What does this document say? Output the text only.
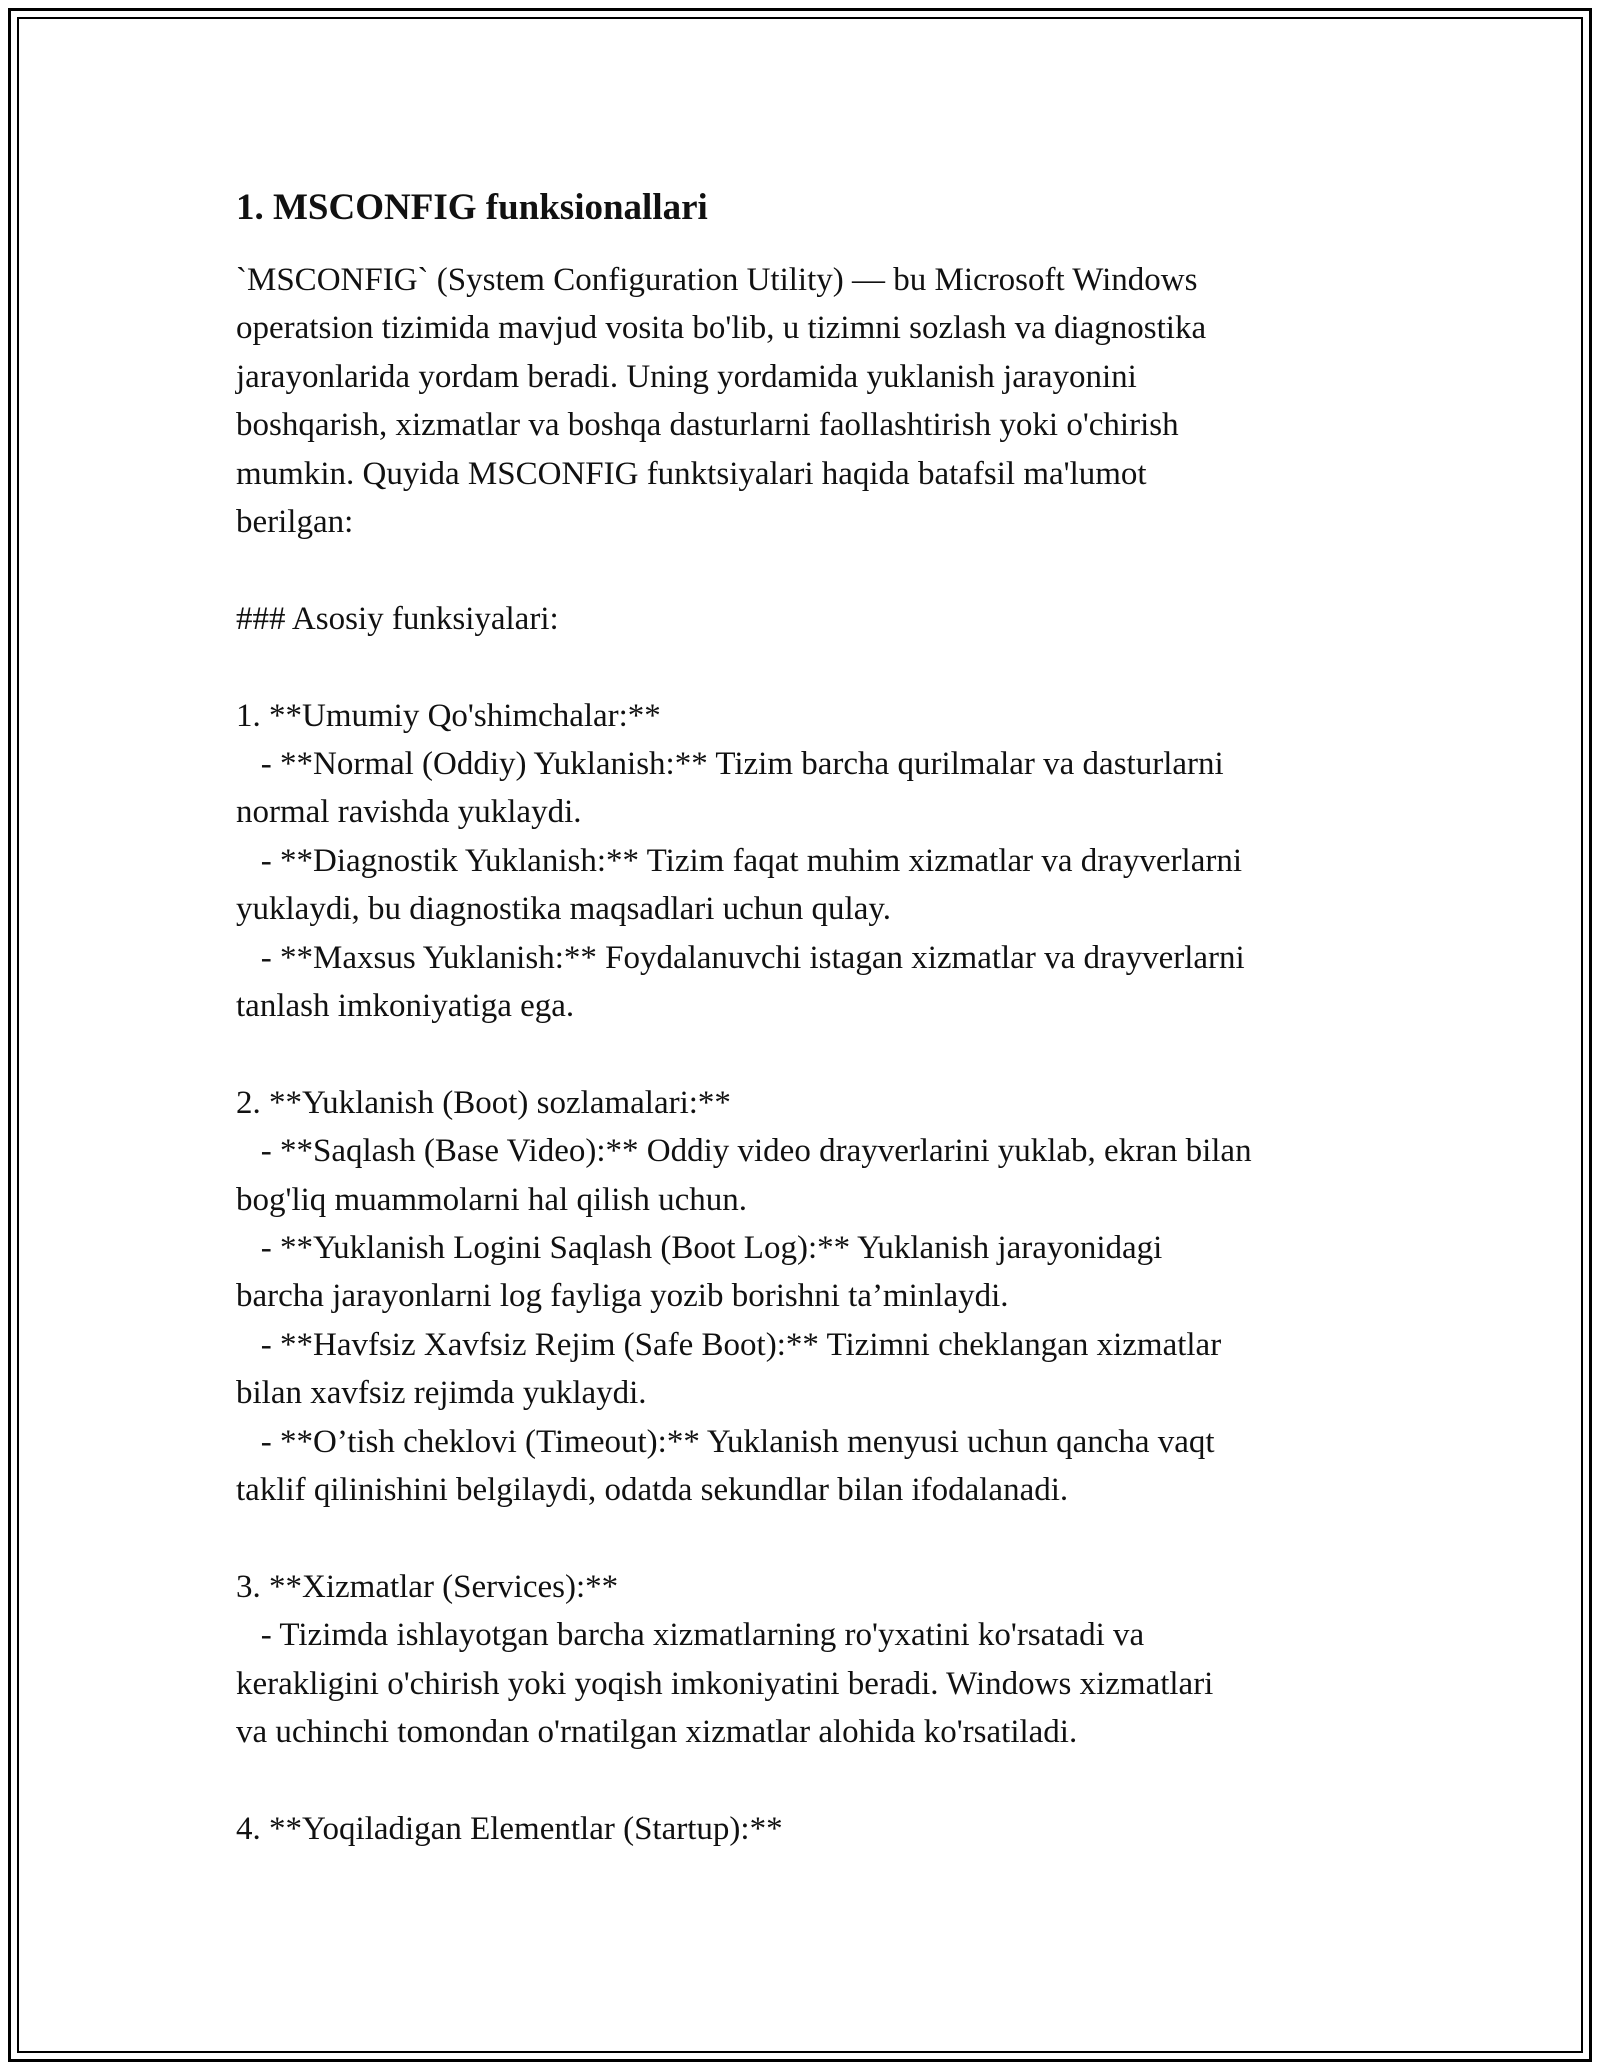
1. MSCONFIG funksionallari
`MSCONFIG` (System Configuration Utility) — bu Microsoft Windows
operatsion tizimida mavjud vosita bo'lib, u tizimni sozlash va diagnostika
jarayonlarida yordam beradi. Uning yordamida yuklanish jarayonini
boshqarish, xizmatlar va boshqa dasturlarni faollashtirish yoki o'chirish
mumkin. Quyida MSCONFIG funktsiyalari haqida batafsil ma'lumot
berilgan:
### Asosiy funksiyalari:
1. **Umumiy Qo'shimchalar:**
- **Normal (Oddiy) Yuklanish:** Tizim barcha qurilmalar va dasturlarni
normal ravishda yuklaydi.
- **Diagnostik Yuklanish:** Tizim faqat muhim xizmatlar va drayverlarni
yuklaydi, bu diagnostika maqsadlari uchun qulay.
- **Maxsus Yuklanish:** Foydalanuvchi istagan xizmatlar va drayverlarni
tanlash imkoniyatiga ega.
2. **Yuklanish (Boot) sozlamalari:**
- **Saqlash (Base Video):** Oddiy video drayverlarini yuklab, ekran bilan
bog'liq muammolarni hal qilish uchun.
- **Yuklanish Logini Saqlash (Boot Log):** Yuklanish jarayonidagi
barcha jarayonlarni log fayliga yozib borishni ta’minlaydi.
- **Havfsiz Xavfsiz Rejim (Safe Boot):** Tizimni cheklangan xizmatlar
bilan xavfsiz rejimda yuklaydi.
- **O’tish cheklovi (Timeout):** Yuklanish menyusi uchun qancha vaqt
taklif qilinishini belgilaydi, odatda sekundlar bilan ifodalanadi.
3. **Xizmatlar (Services):**
- Tizimda ishlayotgan barcha xizmatlarning ro'yxatini ko'rsatadi va
kerakligini o'chirish yoki yoqish imkoniyatini beradi. Windows xizmatlari
va uchinchi tomondan o'rnatilgan xizmatlar alohida ko'rsatiladi.
4. **Yoqiladigan Elementlar (Startup):**
